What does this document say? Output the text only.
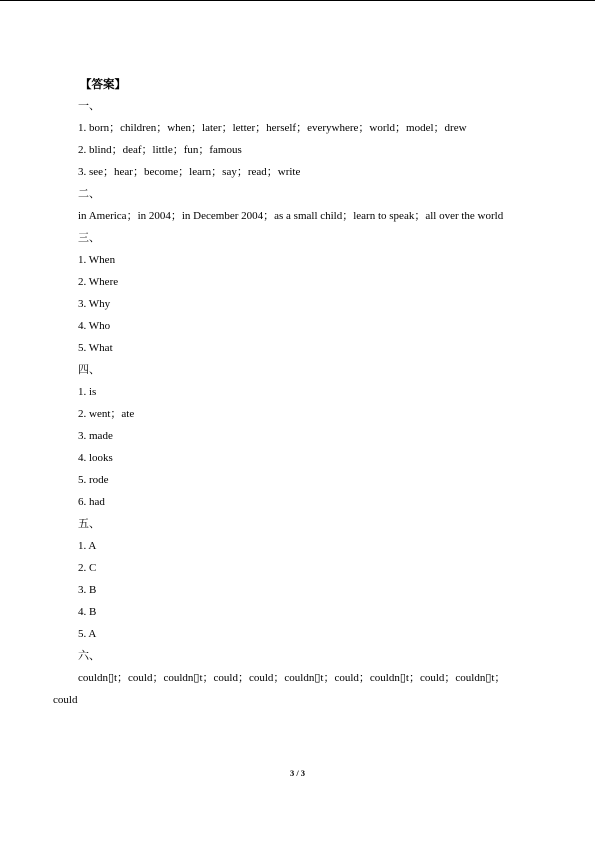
【答案】
一、
1. born；children；when；later；letter；herself；everywhere；world；model；drew
2. blind；deaf；little；fun；famous
3. see；hear；become；learn；say；read；write
二、
in America；in 2004；in December 2004；as a small child；learn to speak；all over the world
三、
1. When
2. Where
3. Why
4. Who
5. What
四、
1. is
2. went；ate
3. made
4. looks
5. rode
6. had
五、
1. A
2. C
3. B
4. B
5. A
六、
couldn▯t；could；couldn▯t；could；could；couldn▯t；could；couldn▯t；could；couldn▯t；
could
3 / 3
